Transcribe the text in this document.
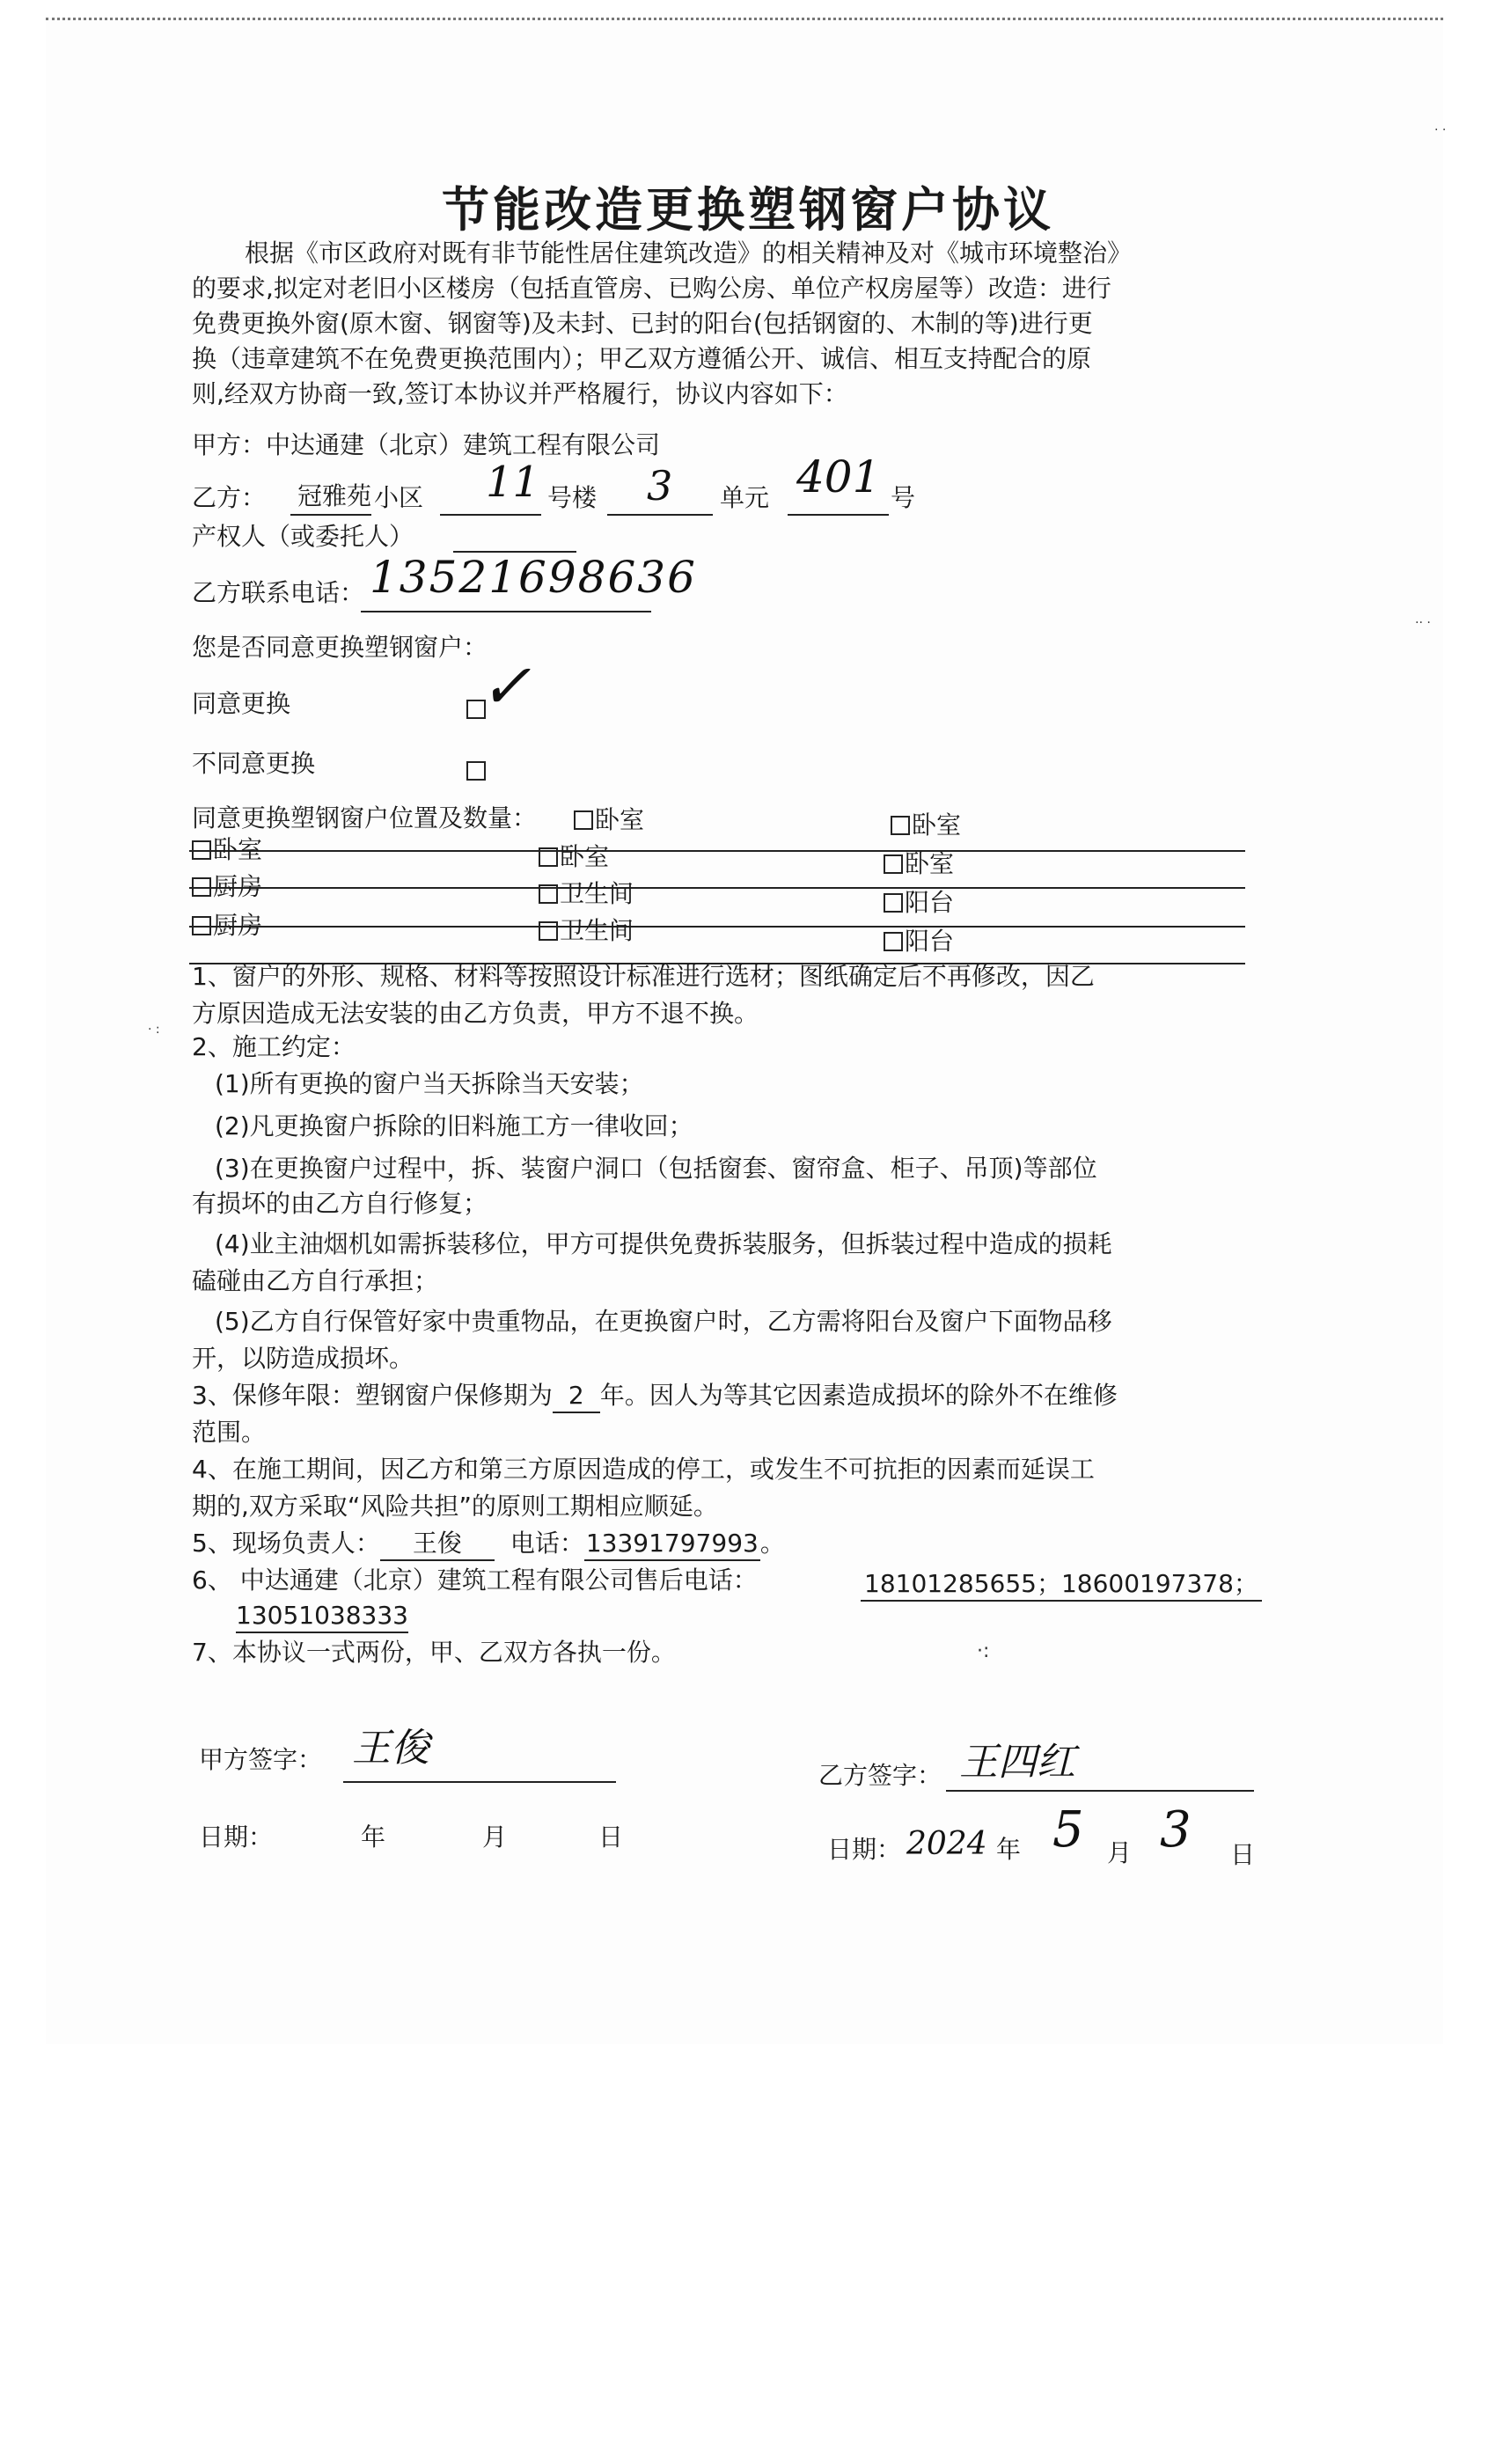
节能改造更换塑钢窗户协议
根据《市区政府对既有非节能性居住建筑改造》的相关精神及对《城市环境整治》
的要求,拟定对老旧小区楼房（包括直管房、已购公房、单位产权房屋等）改造：进行
免费更换外窗(原木窗、钢窗等)及未封、已封的阳台(包括钢窗的、木制的等)进行更
换（违章建筑不在免费更换范围内）；甲乙双方遵循公开、诚信、相互支持配合的原
则,经双方协商一致,签订本协议并严格履行，协议内容如下：
甲方：中达通建（北京）建筑工程有限公司
乙方： 冠雅苑 小区 11 号楼 3 单元 401 号
产权人（或委托人）
乙方联系电话： 13521698636
您是否同意更换塑钢窗户：
同意更换	✓
不同意更换
同意更换塑钢窗户位置及数量：	卧室	卧室
卧室	卧室	卧室
厨房	卫生间	阳台
厨房	卫生间	阳台
1、窗户的外形、规格、材料等按照设计标准进行选材；图纸确定后不再修改，因乙
方原因造成无法安装的由乙方负责，甲方不退不换。
2、施工约定：
(1)所有更换的窗户当天拆除当天安装；
(2)凡更换窗户拆除的旧料施工方一律收回；
(3)在更换窗户过程中，拆、装窗户洞口（包括窗套、窗帘盒、柜子、吊顶)等部位
有损坏的由乙方自行修复；
(4)业主油烟机如需拆装移位，甲方可提供免费拆装服务，但拆装过程中造成的损耗
磕碰由乙方自行承担；
(5)乙方自行保管好家中贵重物品，在更换窗户时，乙方需将阳台及窗户下面物品移
开，以防造成损坏。
3、保修年限：塑钢窗户保修期为 2 年。因人为等其它因素造成损坏的除外不在维修
范围。
4、在施工期间，因乙方和第三方原因造成的停工，或发生不可抗拒的因素而延误工
期的,双方采取“风险共担”的原则工期相应顺延。
5、现场负责人： 王俊 电话：13391797993。
6、 中达通建（北京）建筑工程有限公司售后电话：	18101285655；18600197378；
13051038333
7、本协议一式两份，甲、乙双方各执一份。
甲方签字： 王俊
乙方签字： 王四红
日期：	年	月	日	日期： 2024 年 5 月 3 日
·· ·
· ·
· :
·:
